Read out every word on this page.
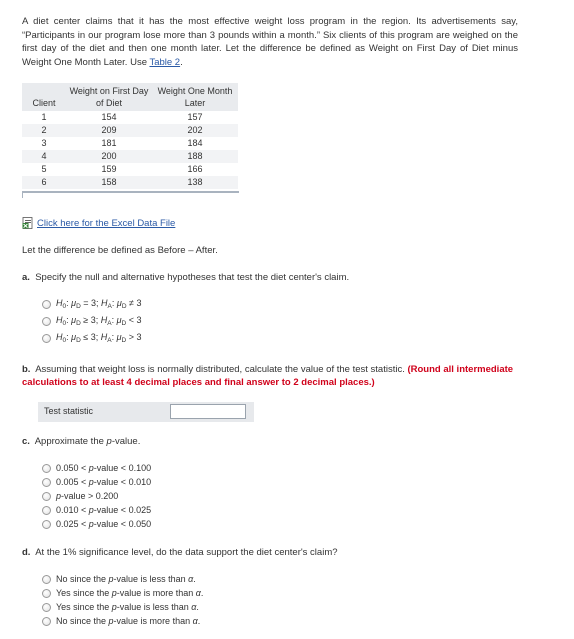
A diet center claims that it has the most effective weight loss program in the region. Its advertisements say, “Participants in our program lose more than 3 pounds within a month.” Six clients of this program are weighed on the first day of the diet and then one month later. Let the difference be defined as Weight on First Day of Diet minus Weight One Month Later. Use Table 2.
Client	Weight on First Day of Diet	Weight One Month Later
1	154	157
2	209	202
3	181	184
4	200	188
5	159	166
6	158	138
Click here for the Excel Data File
Let the difference be defined as Before – After.
a. Specify the null and alternative hypotheses that test the diet center's claim.
$H_0$: $\mu_D = 3$; $H_A$: $\mu_D \ne 3$
$H_0$: $\mu_D \ge 3$; $H_A$: $\mu_D < 3$
$H_0$: $\mu_D \le 3$; $H_A$: $\mu_D > 3$
b. Assuming that weight loss is normally distributed, calculate the value of the test statistic. (Round all intermediate calculations to at least 4 decimal places and final answer to 2 decimal places.)
Test statistic
c. Approximate the p-value.
0.050 < p-value < 0.100
0.005 < p-value < 0.010
p-value > 0.200
0.010 < p-value < 0.025
0.025 < p-value < 0.050
d. At the 1% significance level, do the data support the diet center's claim?
No since the p-value is less than α.
Yes since the p-value is more than α.
Yes since the p-value is less than α.
No since the p-value is more than α.
